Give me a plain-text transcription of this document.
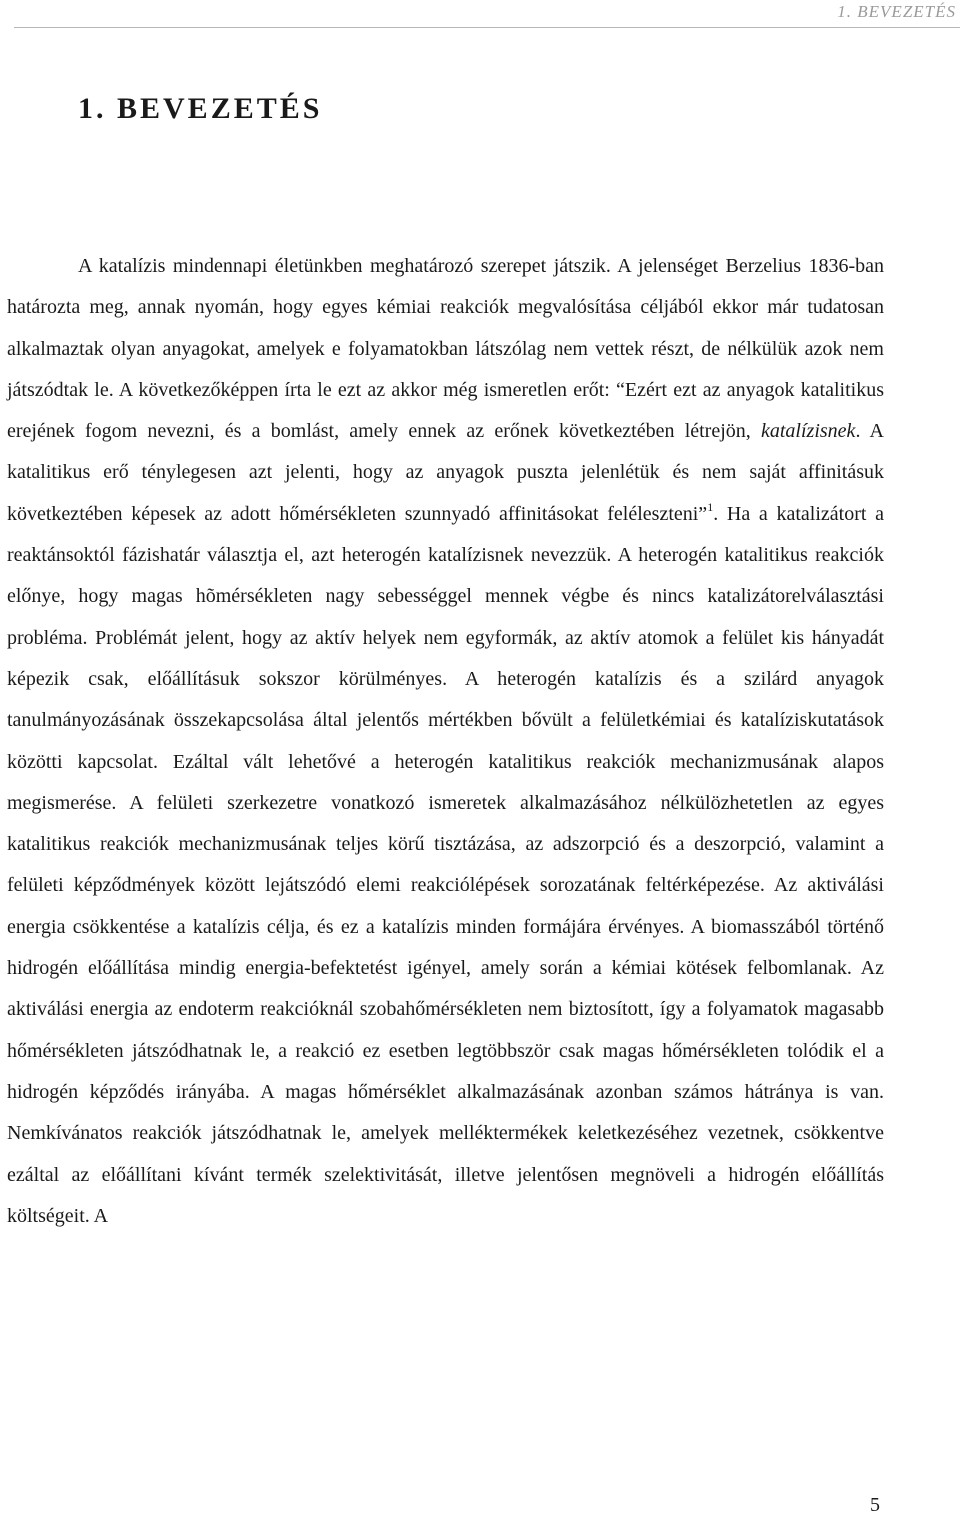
1. BEVEZETÉS
1. BEVEZETÉS

A katalízis mindennapi életünkben meghatározó szerepet játszik. A jelenséget Berzelius 1836-ban határozta meg, annak nyomán, hogy egyes kémiai reakciók megvalósítása céljából ekkor már tudatosan alkalmaztak olyan anyagokat, amelyek e folyamatokban látszólag nem vettek részt, de nélkülük azok nem játszódtak le. A következőképpen írta le ezt az akkor még ismeretlen erőt: “Ezért ezt az anyagok katalitikus erejének fogom nevezni, és a bomlást, amely ennek az erőnek következtében létrejön, katalízisnek. A katalitikus erő ténylegesen azt jelenti, hogy az anyagok puszta jelenlétük és nem saját affinitásuk következtében képesek az adott hőmérsékleten szunnyadó affinitásokat feléleszteni”$^1$. Ha a katalizátort a reaktánsoktól fázishatár választja el, azt heterogén katalízisnek nevezzük. A heterogén katalitikus reakciók előnye, hogy magas hõmérsékleten nagy sebességgel mennek végbe és nincs katalizátorelválasztási probléma. Problémát jelent, hogy az aktív helyek nem egyformák, az aktív atomok a felület kis hányadát képezik csak, előállításuk sokszor körülményes. A heterogén katalízis és a szilárd anyagok tanulmányozásának összekapcsolása által jelentős mértékben bővült a felületkémiai és katalíziskutatások közötti kapcsolat. Ezáltal vált lehetővé a heterogén katalitikus reakciók mechanizmusának alapos megismerése. A felületi szerkezetre vonatkozó ismeretek alkalmazásához nélkülözhetetlen az egyes katalitikus reakciók mechanizmusának teljes körű tisztázása, az adszorpció és a deszorpció, valamint a felületi képződmények között lejátszódó elemi reakciólépések sorozatának feltérképezése. Az aktiválási energia csökkentése a katalízis célja, és ez a katalízis minden formájára érvényes. A biomasszából történő hidrogén előállítása mindig energia-befektetést igényel, amely során a kémiai kötések felbomlanak. Az aktiválási energia az endoterm reakcióknál szobahőmérsékleten nem biztosított, így a folyamatok magasabb hőmérsékleten játszódhatnak le, a reakció ez esetben legtöbbször csak magas hőmérsékleten tolódik el a hidrogén képződés irányába. A magas hőmérséklet alkalmazásának azonban számos hátránya is van. Nemkívánatos reakciók játszódhatnak le, amelyek melléktermékek keletkezéséhez vezetnek, csökkentve ezáltal az előállítani kívánt termék szelektivitását, illetve jelentősen megnöveli a hidrogén előállítás költségeit. A

5
